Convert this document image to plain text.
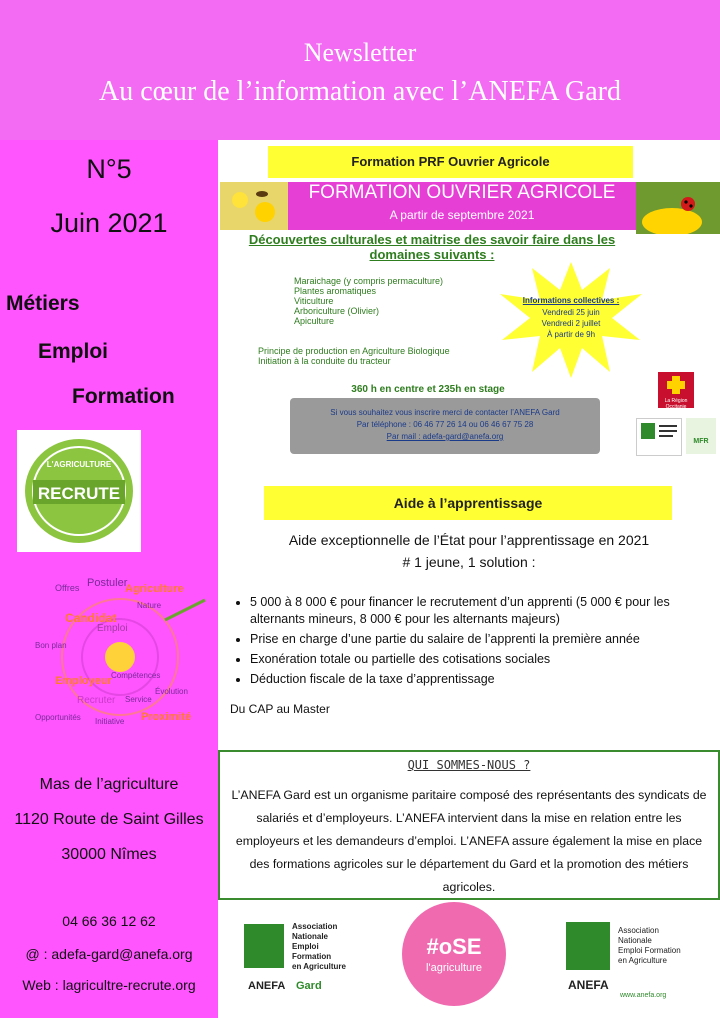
Newsletter
Au cœur de l’information avec l’ANEFA Gard
N°5
Juin 2021
Métiers
Emploi
Formation
L'AGRICULTURE
RECRUTE
Offres Postuler
Agriculture
Nature
Emploi
Candidat
Compétences
Employeur
Recruter Service
Évolution
Opportunités Initiative Proximité
Bon plan
Mas de l’agriculture
1120 Route de Saint Gilles
30000 Nîmes
04 66 36 12 62
@ : adefa-gard@anefa.org
Web : lagricultre-recrute.org
Formation PRF Ouvrier Agricole
FORMATION OUVRIER AGRICOLE
A partir de septembre 2021
Découvertes culturales et maitrise des savoir faire dans les domaines suivants :
Maraichage (y compris permaculture)
Plantes aromatiques
Viticulture
Arboriculture (Olivier)
Apiculture
Principe de production en Agriculture Biologique
Initiation à la conduite du tracteur
Informations collectives :
Vendredi 25 juin
Vendredi 2 juillet
À partir de 9h
360 h en centre et 235h en stage
Si vous souhaitez vous inscrire merci de contacter l’ANEFA Gard
Par téléphone : 06 46 77 26 14 ou 06 46 67 75 28
Par mail : adefa-gard@anefa.org
La Région Occitanie
MFR
Aide à l’apprentissage
Aide exceptionnelle de l’État pour l’apprentissage en 2021
# 1 jeune, 1 solution :
• 5 000 à 8 000 € pour financer le recrutement d’un apprenti (5 000 € pour les alternants mineurs, 8 000 € pour les alternants majeurs)
• Prise en charge d’une partie du salaire de l’apprenti la première année
• Exonération totale ou partielle des cotisations sociales
• Déduction fiscale de la taxe d’apprentissage
Du CAP au Master
QUI SOMMES-NOUS ?
L’ANEFA Gard est un organisme paritaire composé des représentants des syndicats de salariés et d’employeurs. L’ANEFA intervient dans la mise en relation entre les employeurs et les demandeurs d’emploi. L’ANEFA assure également la mise en place des formations agricoles sur le département du Gard et la promotion des métiers agricoles.
Association
Nationale
Emploi
Formation
en Agriculture
ANEFA Gard
#oSE
l'agriculture
Association
Nationale
Emploi Formation
en Agriculture
ANEFA
www.anefa.org
